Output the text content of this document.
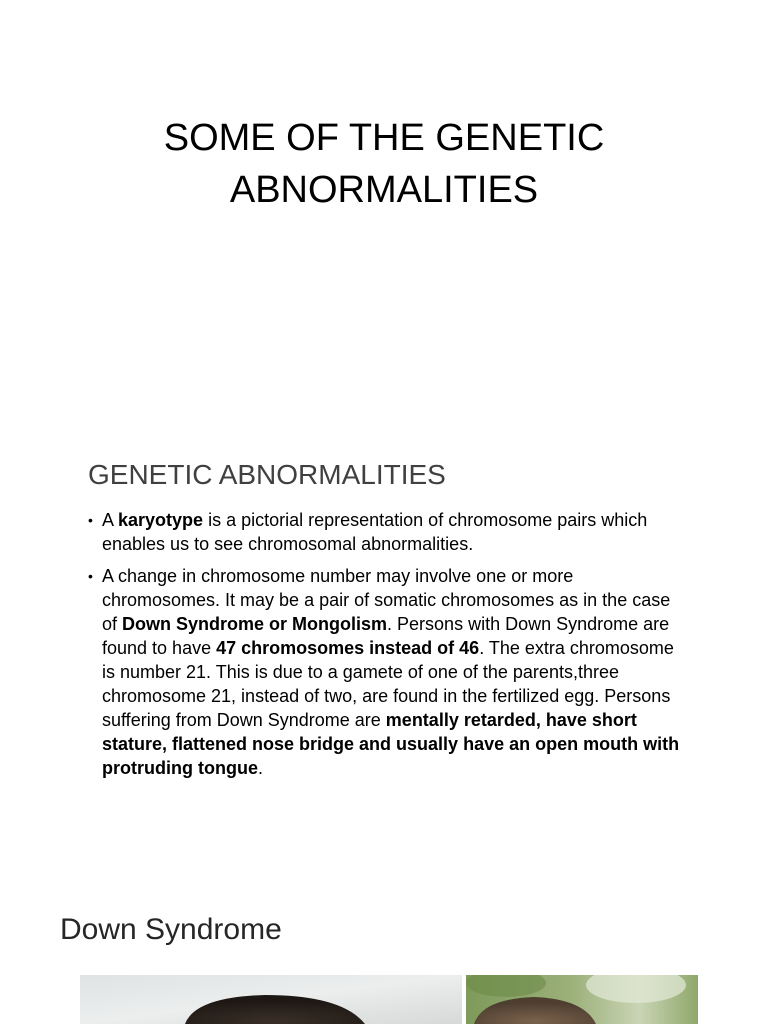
SOME OF THE GENETIC ABNORMALITIES
GENETIC ABNORMALITIES
• A karyotype is a pictorial representation of chromosome pairs which enables us to see chromosomal abnormalities.
• A change in chromosome number may involve one or more chromosomes. It may be a pair of somatic chromosomes as in the case of Down Syndrome or Mongolism. Persons with Down Syndrome are found to have 47 chromosomes instead of 46. The extra chromosome is number 21. This is due to a gamete of one of the parents,three chromosome 21, instead of two, are found in the fertilized egg. Persons suffering from Down Syndrome are mentally retarded, have short stature, flattened nose bridge and usually have an open mouth with protruding tongue.
Down Syndrome
